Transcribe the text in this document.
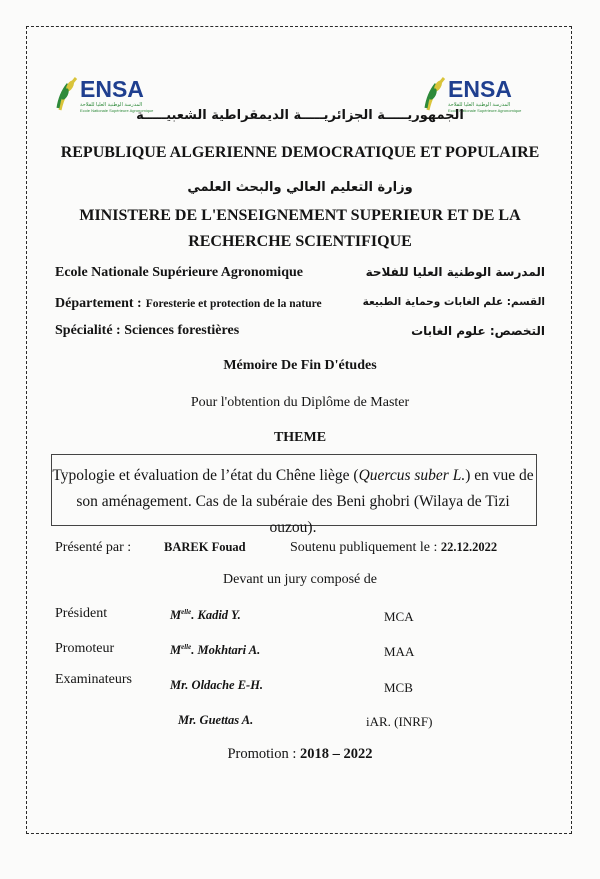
ENSA
المدرسة الوطنية العليا للفلاحة
Ecole Nationale Supérieure Agronomique
ENSA
المدرسة الوطنية العليا للفلاحة
Ecole Nationale Supérieure Agronomique
الجمهوريـــــة الجزائريـــــة الديمقراطية الشعبيـــــة
REPUBLIQUE ALGERIENNE DEMOCRATIQUE ET POPULAIRE
وزارة التعليم العالي والبحث العلمي
MINISTERE DE L'ENSEIGNEMENT SUPERIEUR ET DE LA
RECHERCHE SCIENTIFIQUE
Ecole Nationale Supérieure Agronomique	المدرسة الوطنية العليا للفلاحة
Département : Foresterie et protection de la nature	القسم: علم الغابات وحماية الطبيعة
Spécialité : Sciences forestières	التخصص: علوم الغابات
Mémoire De Fin D'études
Pour l'obtention du Diplôme de Master
THEME
Typologie et évaluation de l’état du Chêne liège (Quercus suber L.) en vue de son aménagement. Cas de la subéraie des Beni ghobri (Wilaya de Tizi ouzou).
Présenté par :	BAREK Fouad	Soutenu publiquement le : 22.12.2022
Devant un jury composé de
Président	$M^{elle}$. Kadid Y.	MCA
Promoteur	$M^{elle}$. Mokhtari A.	MAA
Examinateurs	Mr. Oldache E-H.	MCB
Mr. Guettas A.	iAR. (INRF)
Promotion : 2018 – 2022
